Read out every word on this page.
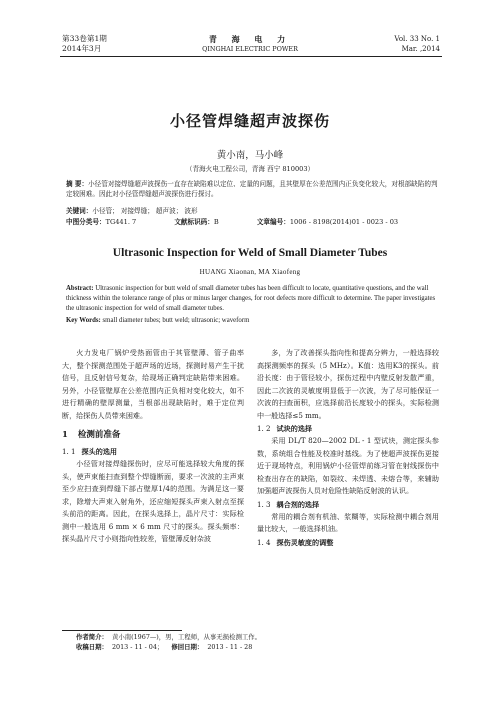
第33卷第1期
2014年3月
青 海 电 力
QINGHAI ELECTRIC POWER
Vol. 33 No. 1
Mar. ,2014
小径管焊缝超声波探伤
黄小南，马小峰
（青海火电工程公司，青海 西宁 810003）
摘 要：小径管对接焊缝超声波探伤一直存在缺陷难以定位、定量的问题，且其壁厚在公差范围内正负变化较大，对根部缺陷的判定较困难。因此对小径管焊缝超声波探伤进行探讨。
关键词：小径管； 对接焊缝； 超声波； 波形
中图分类号：TG441. 7	文献标识码：B	文章编号：1006 - 8198(2014)01 - 0023 - 03
Ultrasonic Inspection for Weld of Small Diameter Tubes
HUANG Xiaonan, MA Xiaofeng
Abstract: Ultrasonic inspection for butt weld of small diameter tubes has been difficult to locate, quantitative questions, and the wall thickness within the tolerance range of plus or minus larger changes, for root defects more difficult to determine. The paper investigates the ultrasonic inspection for weld of small diameter tubes.
Key Words: small diameter tubes; butt weld; ultrasonic; waveform

火力发电厂锅炉受热面管由于其管壁薄、管子曲率大，整个探测范围处于超声场的近场，探测时易产生干扰信号，且反射信号复杂，给现场正确判定缺陷带来困难。另外，小径管壁厚在公差范围内正负相对变化较大，如不进行精确的壁厚测量，当根部出现缺陷时，难于定位判断，给探伤人员带来困难。

1 检测前准备
1. 1 探头的选用

小径管对接焊缝探伤时，应尽可能选择较大角度的探头，使声束能扫查到整个焊缝断面，要求一次波的主声束至少应扫查到焊缝下部占壁厚1/4的范围。为满足这一要求，除增大声束入射角外，还应缩短探头声束入射点至探头前沿的距离。因此，在探头选择上，晶片尺寸：实际检测中一般选用 6 mm × 6 mm 尺寸的探头。探头频率：探头晶片尺寸小则指向性较差，管壁薄反射杂波

多，为了改善探头指向性和提高分辨力，一般选择较高探测频率的探头（5 MHz）。K值：选用K3的探头。前沿长度：由于管径较小，探伤过程中内壁反射发散严重，因此二次波的灵敏度明显低于一次波，为了尽可能保证一次波的扫查面积，应选择前沿长度较小的探头，实际检测中一般选择≤5 mm。

1. 2 试块的选择

采用 DL/T 820—2002 DL - 1 型试块，测定探头参数，系统组合性能及校准时基线。为了使超声波探伤更接近于现场特点，利用锅炉小径管焊前练习管在射线探伤中检查出存在的缺陷，如裂纹、未焊透、未熔合等，来辅助加强超声波探伤人员对危险性缺陷反射波的认识。

1. 3 耦合剂的选择

常用的耦合剂有机油、浆糊等，实际检测中耦合剂用量比较大，一般选择机油。

1. 4 探伤灵敏度的调整
作者简介： 黄小南(1967—)，男，工程师，从事无损检测工作。
收稿日期： 2013 - 11 - 04； 修回日期： 2013 - 11 - 28
